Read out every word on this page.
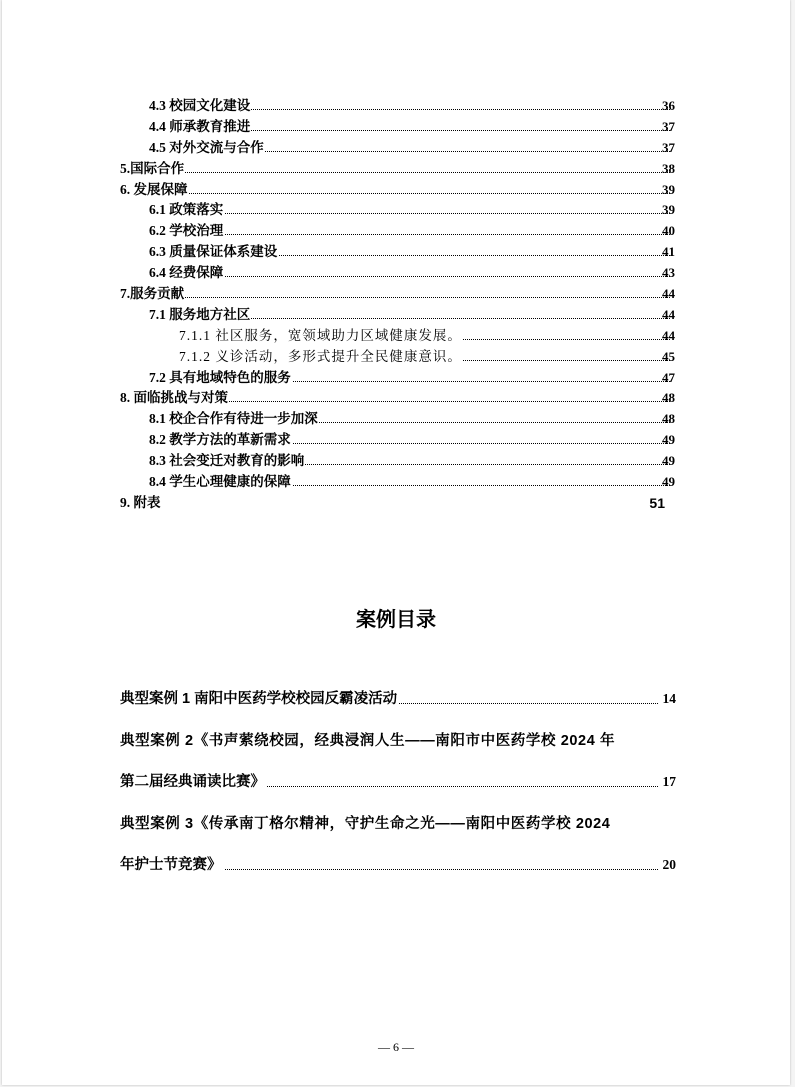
4.3 校园文化建设	36
4.4 师承教育推进	37
4.5 对外交流与合作	37
5.国际合作	38
6. 发展保障	39
6.1 政策落实	39
6.2 学校治理	40
6.3 质量保证体系建设	41
6.4 经费保障	43
7.服务贡献	44
7.1 服务地方社区	44
7.1.1 社区服务，宽领域助力区域健康发展。	44
7.1.2 义诊活动，多形式提升全民健康意识。	45
7.2 具有地域特色的服务	47
8. 面临挑战与对策	48
8.1 校企合作有待进一步加深	48
8.2 教学方法的革新需求	49
8.3 社会变迁对教育的影响	49
8.4 学生心理健康的保障	49
9. 附表	51
案例目录
典型案例 1 南阳中医药学校校园反霸凌活动	14
典型案例 2《书声萦绕校园，经典浸润人生——南阳市中医药学校 2024 年
第二届经典诵读比赛》	17
典型案例 3《传承南丁格尔精神，守护生命之光——南阳中医药学校 2024
年护士节竞赛》	20
— 6 —
